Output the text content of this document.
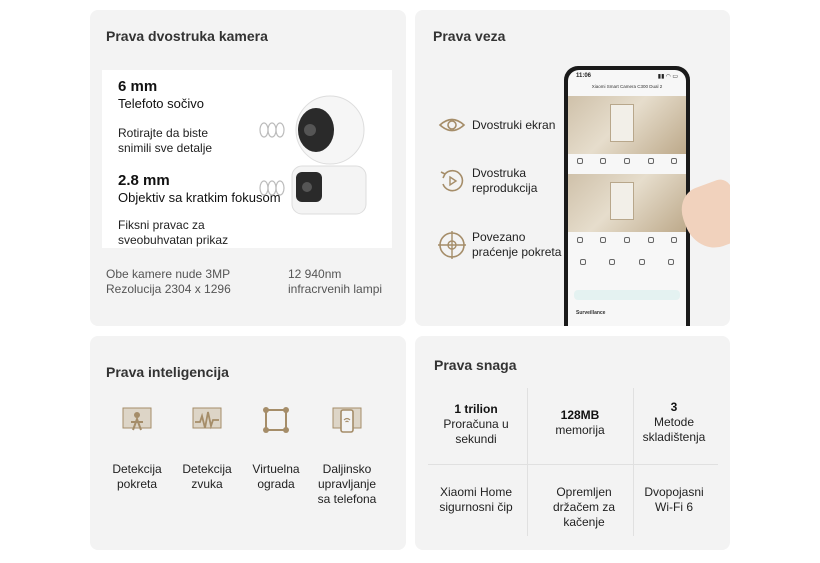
Prava dvostruka kamera
6 mm
Telefoto sočivo
Rotirajte da biste
snimili sve detalje
2.8 mm
Objektiv sa kratkim fokusom
Fiksni pravac za
sveobuhvatan prikaz
Obe kamere nude 3MP
Rezolucija 2304 x 1296
12 940nm
infracrvenih lampi
Prava veza
Dvostruki ekran
Dvostruka
reprodukcija
Povezano
praćenje pokreta
11:06	▮▮ ◠ ▭
Xiaomi Smart Camera C300 Dual 2
Surveillance
Prava inteligencija
Detekcija
pokreta
Detekcija
zvuka
Virtuelna
ograda
Daljinsko
upravljanje
sa telefona
Prava snaga
1 trilion
Proračuna u
sekundi
128MB
memorija
3
Metode
skladištenja
Xiaomi Home
sigurnosni čip
Opremljen
držačem za kačenje
Dvopojasni
Wi-Fi 6
